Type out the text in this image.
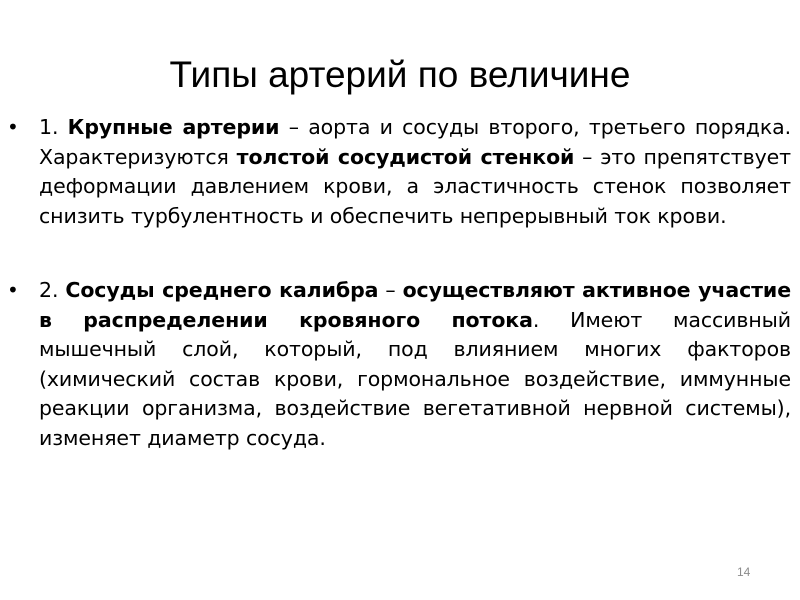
Типы артерий по величине
• 1. Крупные артерии – аорта и сосуды второго, третьего порядка. Характеризуются толстой сосудистой стенкой – это препятствует деформации давлением крови, а эластичность стенок позволяет снизить турбулентность и обеспечить непрерывный ток крови.
• 2. Сосуды среднего калибра – осуществляют активное участие в распределении кровяного потока. Имеют массивный мышечный слой, который, под влиянием многих факторов (химический состав крови, гормональное воздействие, иммунные реакции организма, воздействие вегетативной нервной системы), изменяет диаметр сосуда.
14
